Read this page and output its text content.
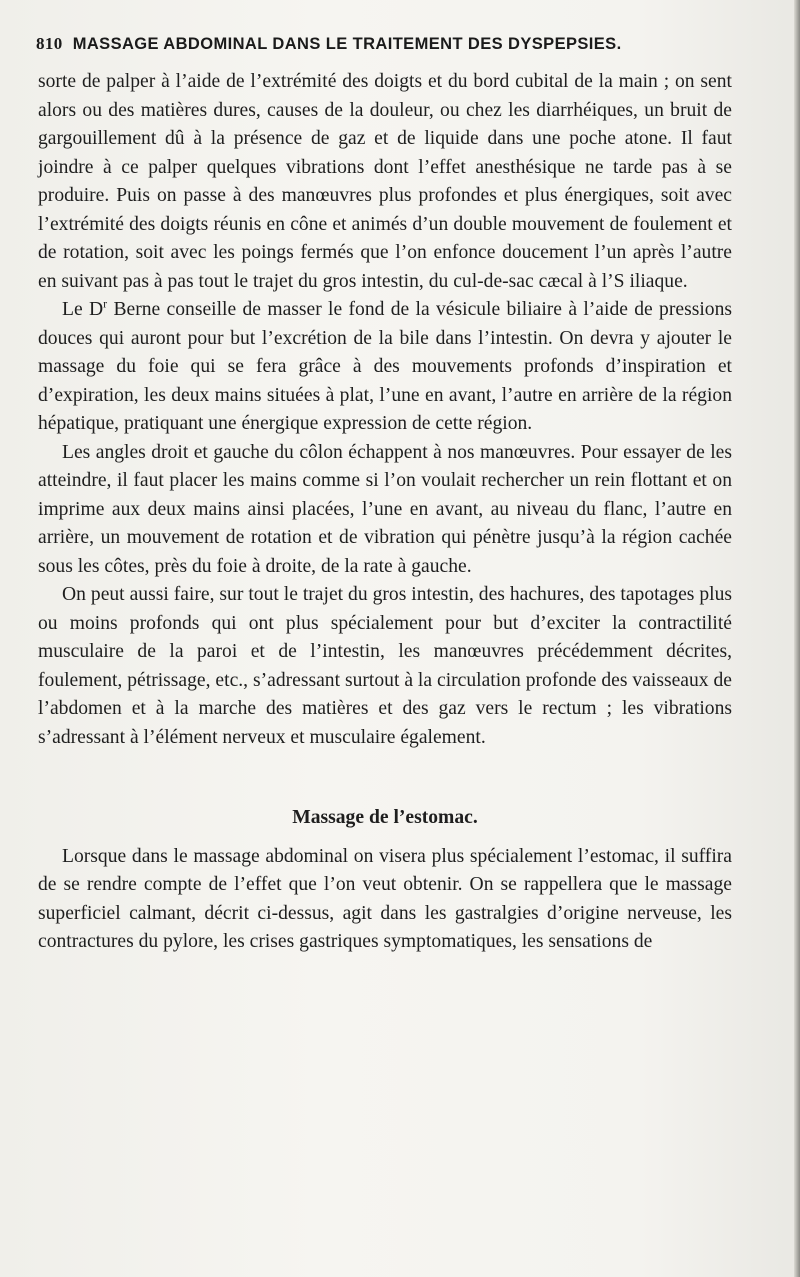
810 MASSAGE ABDOMINAL DANS LE TRAITEMENT DES DYSPEPSIES.

sorte de palper à l’aide de l’extrémité des doigts et du bord cubital de la main ; on sent alors ou des matières dures, causes de la douleur, ou chez les diarrhéiques, un bruit de gargouillement dû à la présence de gaz et de liquide dans une poche atone. Il faut joindre à ce palper quelques vibrations dont l’effet anesthésique ne tarde pas à se produire. Puis on passe à des manœuvres plus profondes et plus énergiques, soit avec l’extrémité des doigts réunis en cône et animés d’un double mouvement de foulement et de rotation, soit avec les poings fermés que l’on enfonce doucement l’un après l’autre en suivant pas à pas tout le trajet du gros intestin, du cul-de-sac cæcal à l’S iliaque.

Le $D^r$ Berne conseille de masser le fond de la vésicule biliaire à l’aide de pressions douces qui auront pour but l’excrétion de la bile dans l’intestin. On devra y ajouter le massage du foie qui se fera grâce à des mouvements profonds d’inspiration et d’expiration, les deux mains situées à plat, l’une en avant, l’autre en arrière de la région hépatique, pratiquant une énergique expression de cette région.

Les angles droit et gauche du côlon échappent à nos manœuvres. Pour essayer de les atteindre, il faut placer les mains comme si l’on voulait rechercher un rein flottant et on imprime aux deux mains ainsi placées, l’une en avant, au niveau du flanc, l’autre en arrière, un mouvement de rotation et de vibration qui pénètre jusqu’à la région cachée sous les côtes, près du foie à droite, de la rate à gauche.

On peut aussi faire, sur tout le trajet du gros intestin, des hachures, des tapotages plus ou moins profonds qui ont plus spécialement pour but d’exciter la contractilité musculaire de la paroi et de l’intestin, les manœuvres précédemment décrites, foulement, pétrissage, etc., s’adressant surtout à la circulation profonde des vaisseaux de l’abdomen et à la marche des matières et des gaz vers le rectum ; les vibrations s’adressant à l’élément nerveux et musculaire également.

Massage de l’estomac.

Lorsque dans le massage abdominal on visera plus spécialement l’estomac, il suffira de se rendre compte de l’effet que l’on veut obtenir. On se rappellera que le massage superficiel calmant, décrit ci-dessus, agit dans les gastralgies d’origine nerveuse, les contractures du pylore, les crises gastriques symptomatiques, les sensations de
